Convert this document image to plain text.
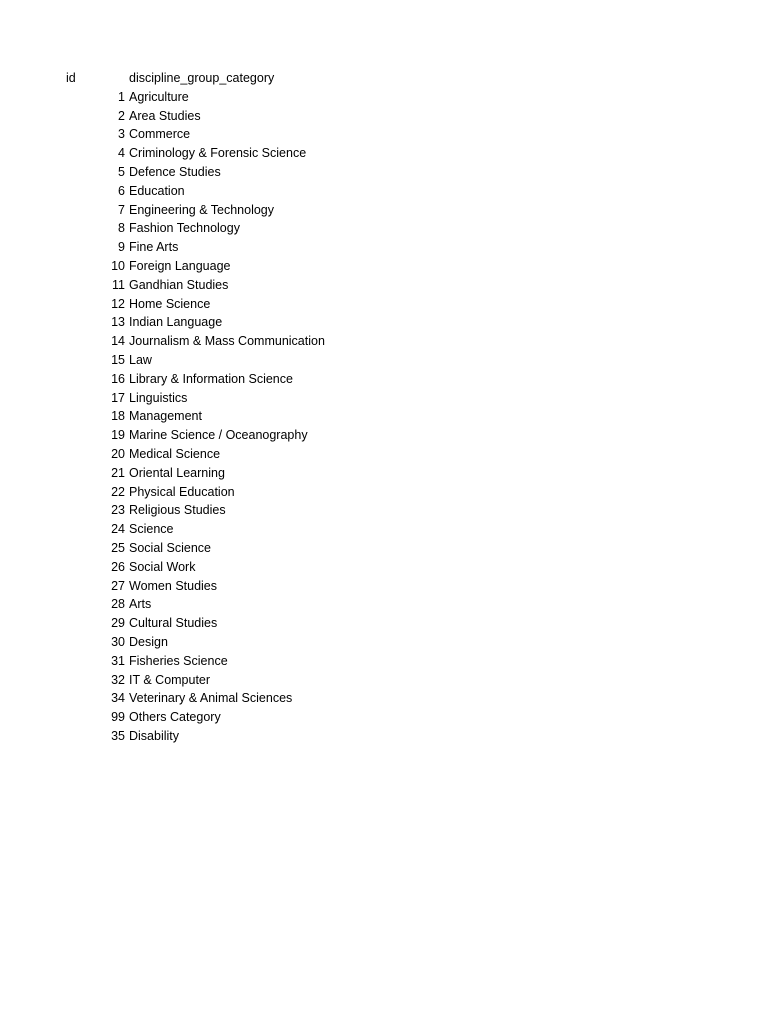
id	discipline_group_category
1 Agriculture
2 Area Studies
3 Commerce
4 Criminology & Forensic Science
5 Defence Studies
6 Education
7 Engineering & Technology
8 Fashion Technology
9 Fine Arts
10 Foreign Language
11 Gandhian Studies
12 Home Science
13 Indian Language
14 Journalism & Mass Communication
15 Law
16 Library & Information Science
17 Linguistics
18 Management
19 Marine Science / Oceanography
20 Medical Science
21 Oriental Learning
22 Physical Education
23 Religious Studies
24 Science
25 Social Science
26 Social Work
27 Women Studies
28 Arts
29 Cultural Studies
30 Design
31 Fisheries Science
32 IT & Computer
34 Veterinary & Animal Sciences
99 Others Category
35 Disability
